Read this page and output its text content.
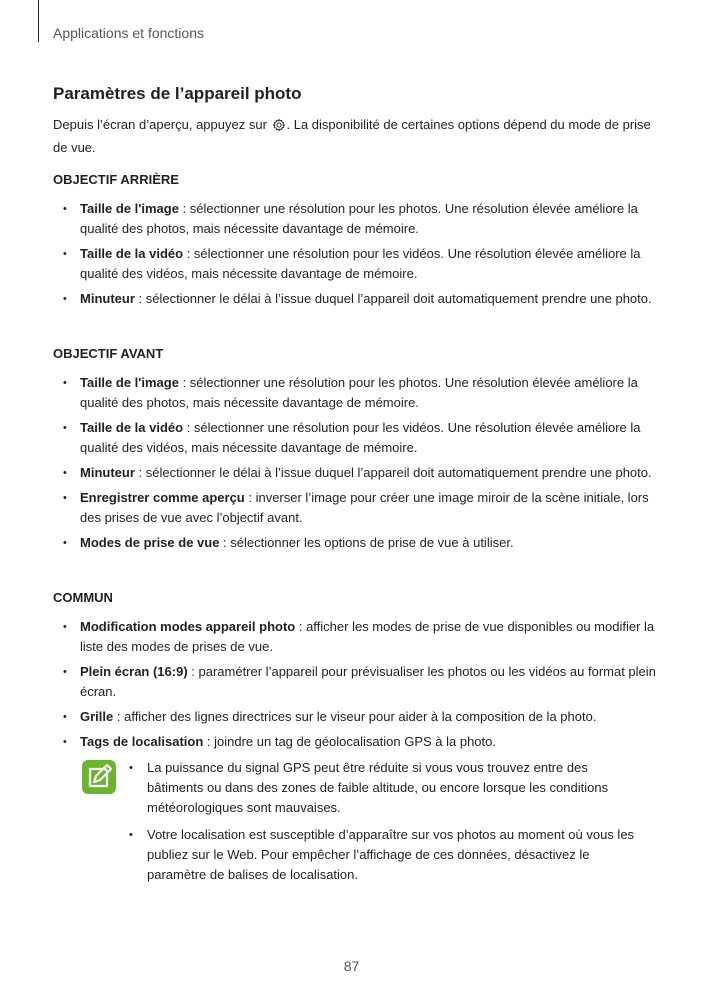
Applications et fonctions
Paramètres de l’appareil photo

Depuis l’écran d’aperçu, appuyez sur . La disponibilité de certaines options dépend du mode de prise de vue.

OBJECTIF ARRIÈRE
• Taille de l'image : sélectionner une résolution pour les photos. Une résolution élevée améliore la qualité des photos, mais nécessite davantage de mémoire.
• Taille de la vidéo : sélectionner une résolution pour les vidéos. Une résolution élevée améliore la qualité des vidéos, mais nécessite davantage de mémoire.
• Minuteur : sélectionner le délai à l’issue duquel l’appareil doit automatiquement prendre une photo.
OBJECTIF AVANT
• Taille de l'image : sélectionner une résolution pour les photos. Une résolution élevée améliore la qualité des photos, mais nécessite davantage de mémoire.
• Taille de la vidéo : sélectionner une résolution pour les vidéos. Une résolution élevée améliore la qualité des vidéos, mais nécessite davantage de mémoire.
• Minuteur : sélectionner le délai à l’issue duquel l’appareil doit automatiquement prendre une photo.
• Enregistrer comme aperçu : inverser l’image pour créer une image miroir de la scène initiale, lors des prises de vue avec l’objectif avant.
• Modes de prise de vue : sélectionner les options de prise de vue à utiliser.
COMMUN
• Modification modes appareil photo : afficher les modes de prise de vue disponibles ou modifier la liste des modes de prises de vue.
• Plein écran (16:9) : paramétrer l’appareil pour prévisualiser les photos ou les vidéos au format plein écran.
• Grille : afficher des lignes directrices sur le viseur pour aider à la composition de la photo.
• Tags de localisation : joindre un tag de géolocalisation GPS à la photo.
• La puissance du signal GPS peut être réduite si vous vous trouvez entre des bâtiments ou dans des zones de faible altitude, ou encore lorsque les conditions météorologiques sont mauvaises.
• Votre localisation est susceptible d’apparaître sur vos photos au moment où vous les publiez sur le Web. Pour empêcher l’affichage de ces données, désactivez le paramètre de balises de localisation.
87
